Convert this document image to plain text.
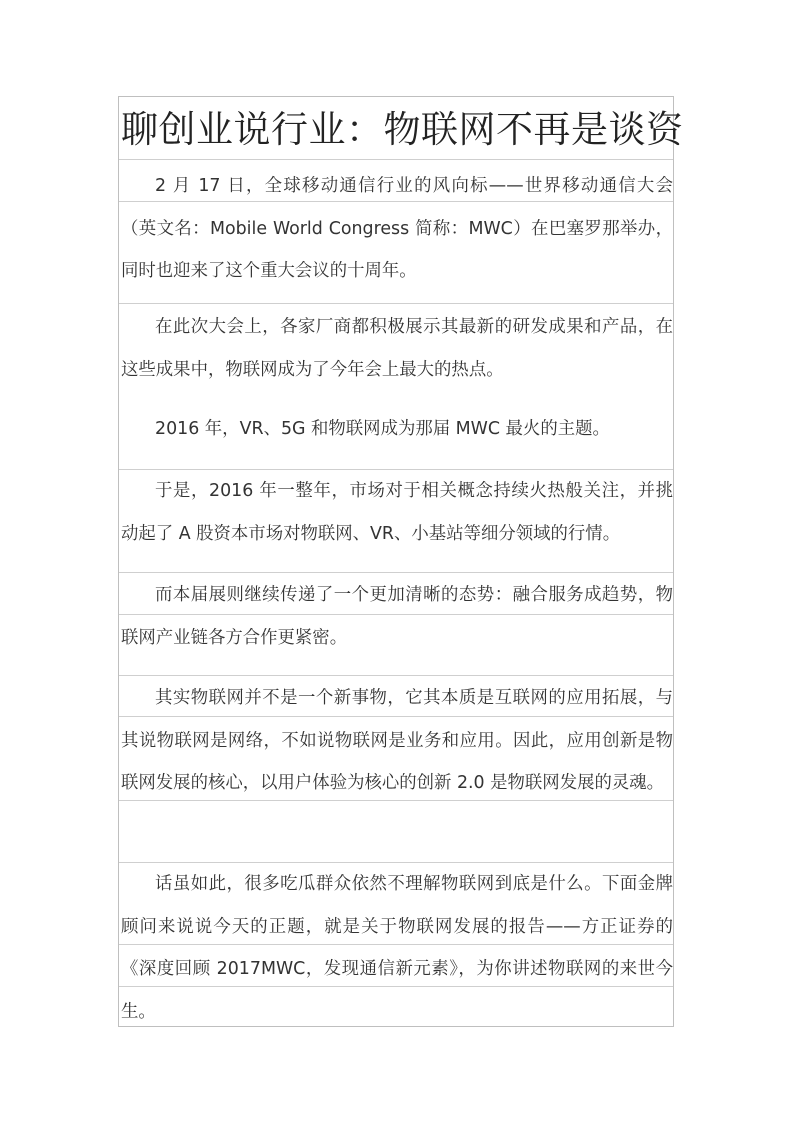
聊创业说行业：物联网不再是谈资

2 月 17 日，全球移动通信行业的风向标——世界移动通信大会（英文名：Mobile World Congress 简称：MWC）在巴塞罗那举办，同时也迎来了这个重大会议的十周年。

在此次大会上，各家厂商都积极展示其最新的研发成果和产品，在这些成果中，物联网成为了今年会上最大的热点。

2016 年，VR、5G 和物联网成为那届 MWC 最火的主题。

于是，2016 年一整年，市场对于相关概念持续火热般关注，并挑动起了 A 股资本市场对物联网、VR、小基站等细分领域的行情。

而本届展则继续传递了一个更加清晰的态势：融合服务成趋势，物联网产业链各方合作更紧密。

其实物联网并不是一个新事物，它其本质是互联网的应用拓展，与其说物联网是网络，不如说物联网是业务和应用。因此，应用创新是物联网发展的核心，以用户体验为核心的创新 2.0 是物联网发展的灵魂。

话虽如此，很多吃瓜群众依然不理解物联网到底是什么。下面金牌顾问来说说今天的正题，就是关于物联网发展的报告——方正证券的 《深度回顾 2017MWC，发现通信新元素》，为你讲述物联网的来世今生。
